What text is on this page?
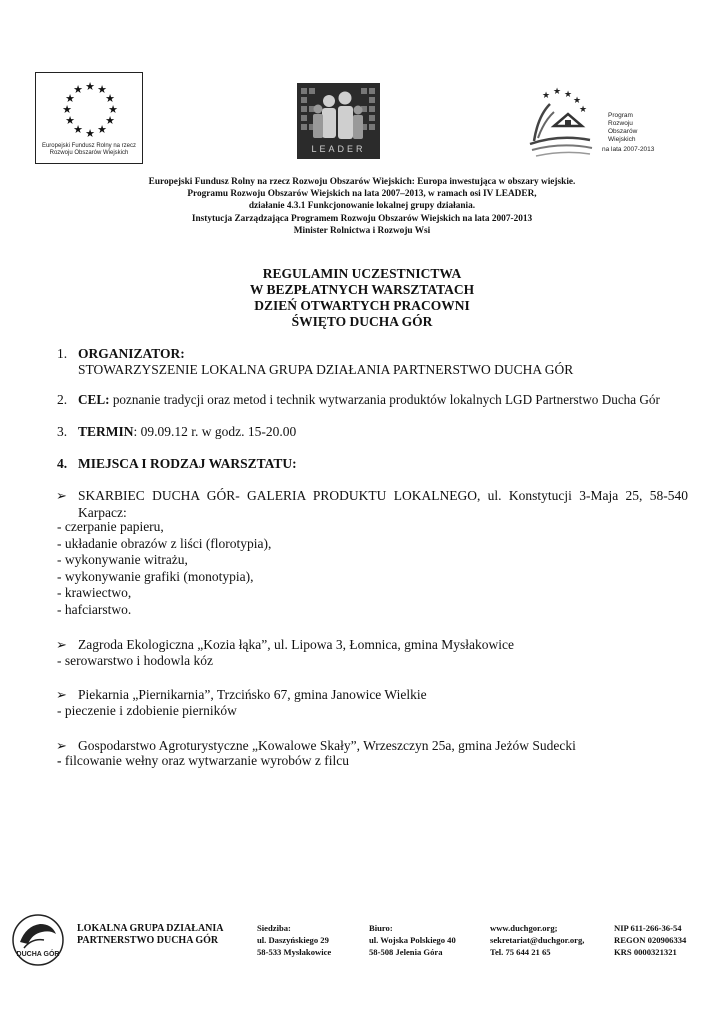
★ ★
★
★
★
★
★
★
★
★
★
★
Europejski Fundusz Rolny na rzecz
Rozwoju Obszarów Wiejskich	LEADER
★ ★ ★
★
★
Program
Rozwoju
Obszarów
Wiejskich
na lata 2007-2013
Europejski Fundusz Rolny na rzecz Rozwoju Obszarów Wiejskich: Europa inwestująca w obszary wiejskie.
Programu Rozwoju Obszarów Wiejskich na lata 2007–2013, w ramach osi IV LEADER,
działanie 4.3.1 Funkcjonowanie lokalnej grupy działania.
Instytucja Zarządzająca Programem Rozwoju Obszarów Wiejskich na lata 2007-2013
Minister Rolnictwa i Rozwoju Wsi
REGULAMIN UCZESTNICTWA
W BEZPŁATNYCH WARSZTATACH
DZIEŃ OTWARTYCH PRACOWNI
ŚWIĘTO DUCHA GÓR
1. ORGANIZATOR:
STOWARZYSZENIE LOKALNA GRUPA DZIAŁANIA PARTNERSTWO DUCHA GÓR
2. CEL: poznanie tradycji oraz metod i technik wytwarzania produktów lokalnych LGD Partnerstwo Ducha Gór
3. TERMIN: 09.09.12 r. w godz. 15-20.00
4. MIEJSCA I RODZAJ WARSZTATU:
➢ SKARBIEC DUCHA GÓR- GALERIA PRODUKTU LOKALNEGO, ul. Konstytucji 3-Maja 25, 58-540 Karpacz:
- czerpanie papieru,
- układanie obrazów z liści (florotypia),
- wykonywanie witrażu,
- wykonywanie grafiki (monotypia),
- krawiectwo,
- hafciarstwo.
➢ Zagroda Ekologiczna „Kozia łąka”, ul. Lipowa 3, Łomnica, gmina Mysłakowice
- serowarstwo i hodowla kóz
➢ Piekarnia „Piernikarnia”, Trzcińsko 67, gmina Janowice Wielkie
- pieczenie i zdobienie pierników
➢ Gospodarstwo Agroturystyczne „Kowalowe Skały”, Wrzeszczyn 25a, gmina Jeżów Sudecki
- filcowanie wełny oraz wytwarzanie wyrobów z filcu
DUCHA GÓR
LOKALNA GRUPA DZIAŁANIA
PARTNERSTWO DUCHA GÓR
Siedziba:
ul. Daszyńskiego 29
58-533 Mysłakowice
Biuro:
ul. Wojska Polskiego 40
58-508 Jelenia Góra
www.duchgor.org;
sekretariat@duchgor.org,
Tel. 75 644 21 65
NIP 611-266-36-54
REGON 020906334
KRS 0000321321
